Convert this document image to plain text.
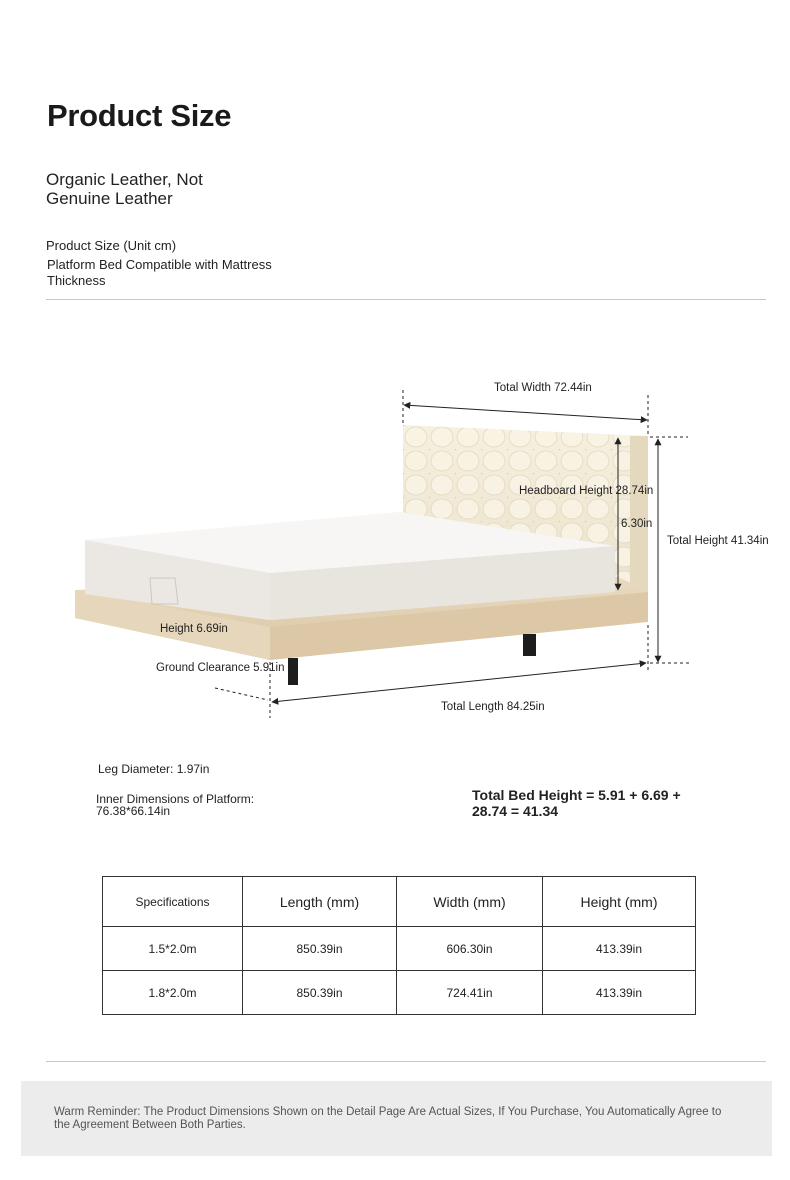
Product Size
Organic Leather, Not Genuine Leather
Product Size (Unit cm)
Platform Bed Compatible with Mattress Thickness
Total Width 72.44in
Headboard Height 28.74in
6.30in
Total Height 41.34in
Height 6.69in
Ground Clearance 5.91in
Total Length 84.25in
Leg Diameter: 1.97in
Inner Dimensions of Platform: 76.38*66.14in
Total Bed Height = 5.91 + 6.69 + 28.74 = 41.34
Specifications	Length (mm)	Width (mm)	Height (mm)
1.5*2.0m	850.39in	606.30in	413.39in
1.8*2.0m	850.39in	724.41in	413.39in
Warm Reminder: The Product Dimensions Shown on the Detail Page Are Actual Sizes, If You Purchase, You Automatically Agree to the Agreement Between Both Parties.
